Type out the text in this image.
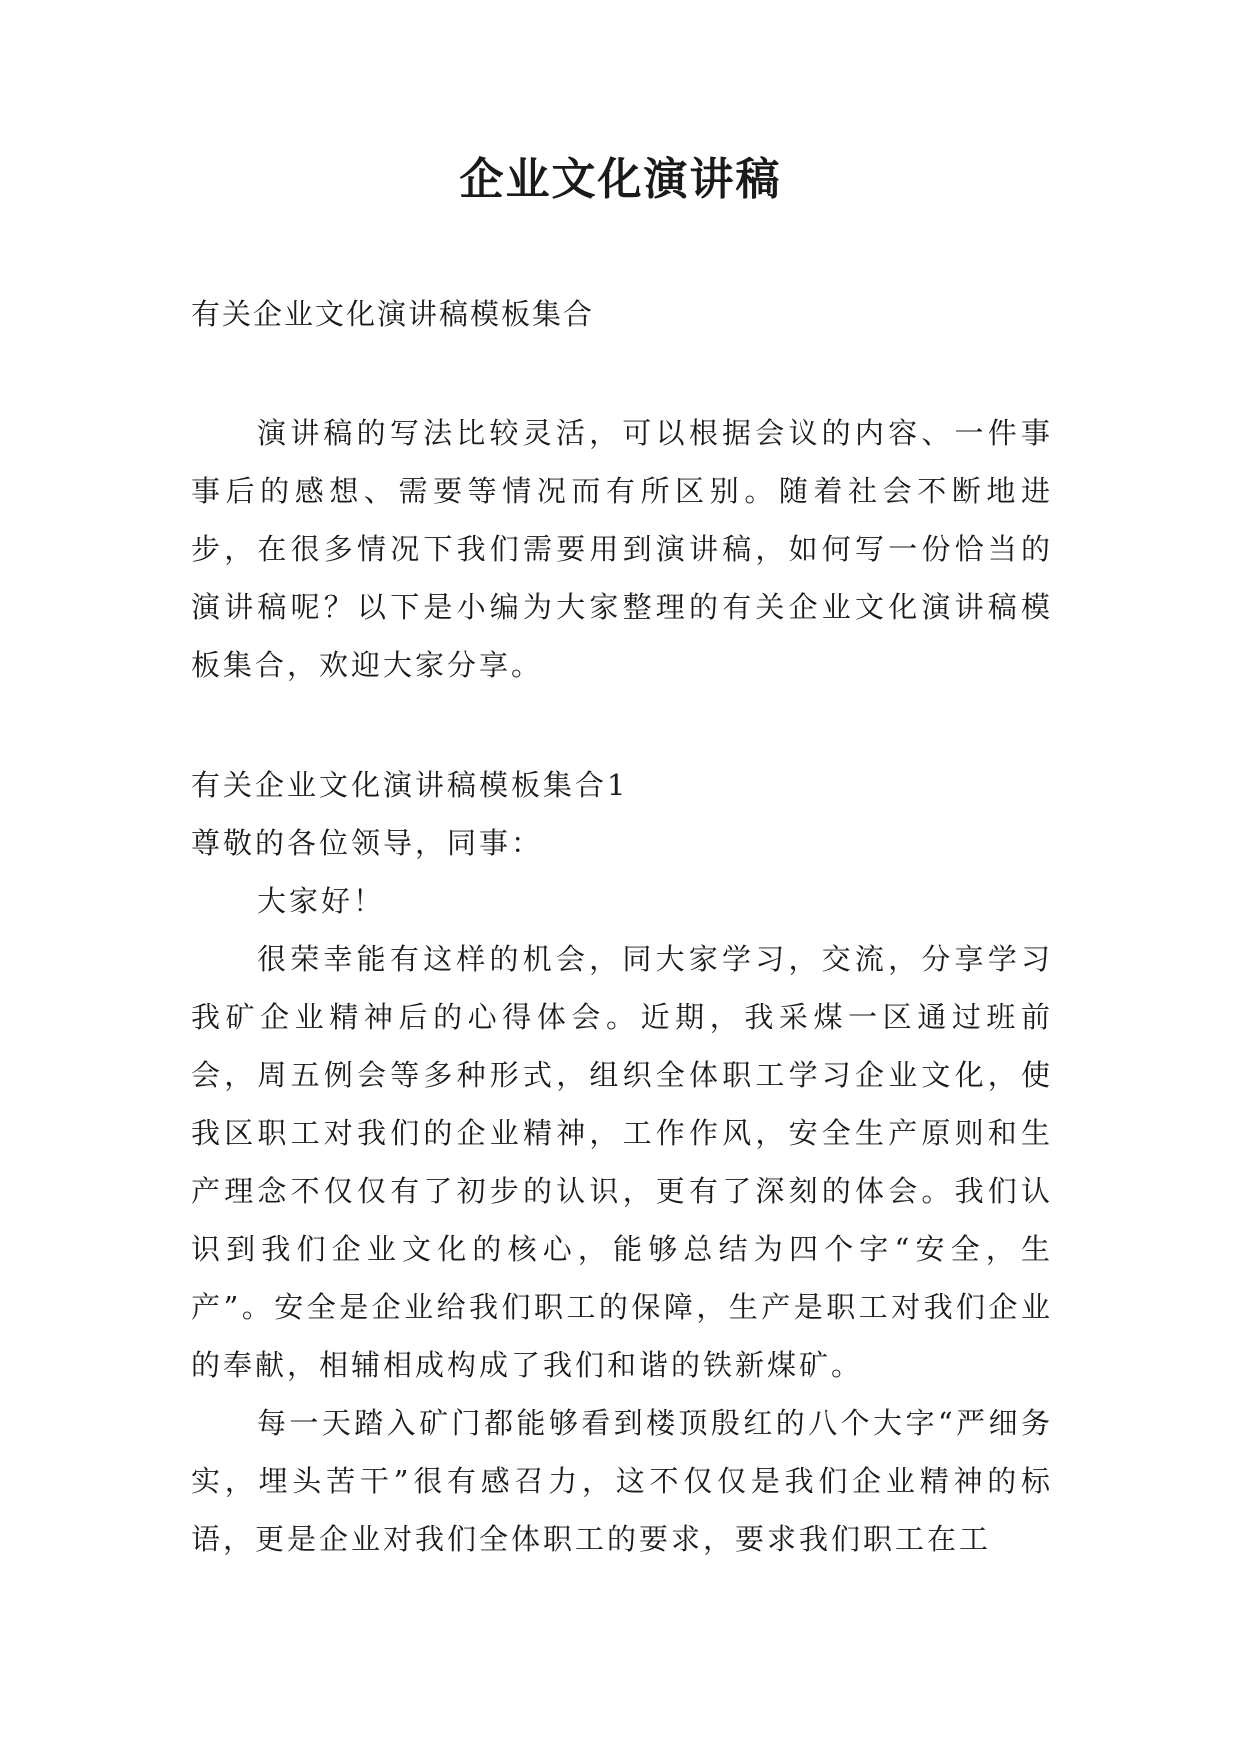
企业文化演讲稿
有关企业文化演讲稿模板集合

演讲稿的写法比较灵活，可以根据会议的内容、一件事事后的感想、需要等情况而有所区别。随着社会不断地进步，在很多情况下我们需要用到演讲稿，如何写一份恰当的演讲稿呢？以下是小编为大家整理的有关企业文化演讲稿模板集合，欢迎大家分享。

有关企业文化演讲稿模板集合1

尊敬的各位领导，同事：

大家好！

很荣幸能有这样的机会，同大家学习，交流，分享学习我矿企业精神后的心得体会。近期，我采煤一区通过班前会，周五例会等多种形式，组织全体职工学习企业文化，使我区职工对我们的企业精神，工作作风，安全生产原则和生产理念不仅仅有了初步的认识，更有了深刻的体会。我们认识到我们企业文化的核心，能够总结为四个字“安全，生产”。安全是企业给我们职工的保障，生产是职工对我们企业的奉献，相辅相成构成了我们和谐的铁新煤矿。

每一天踏入矿门都能够看到楼顶殷红的八个大字“严细务实，埋头苦干”很有感召力，这不仅仅是我们企业精神的标语，更是企业对我们全体职工的要求，要求我们职工在工
